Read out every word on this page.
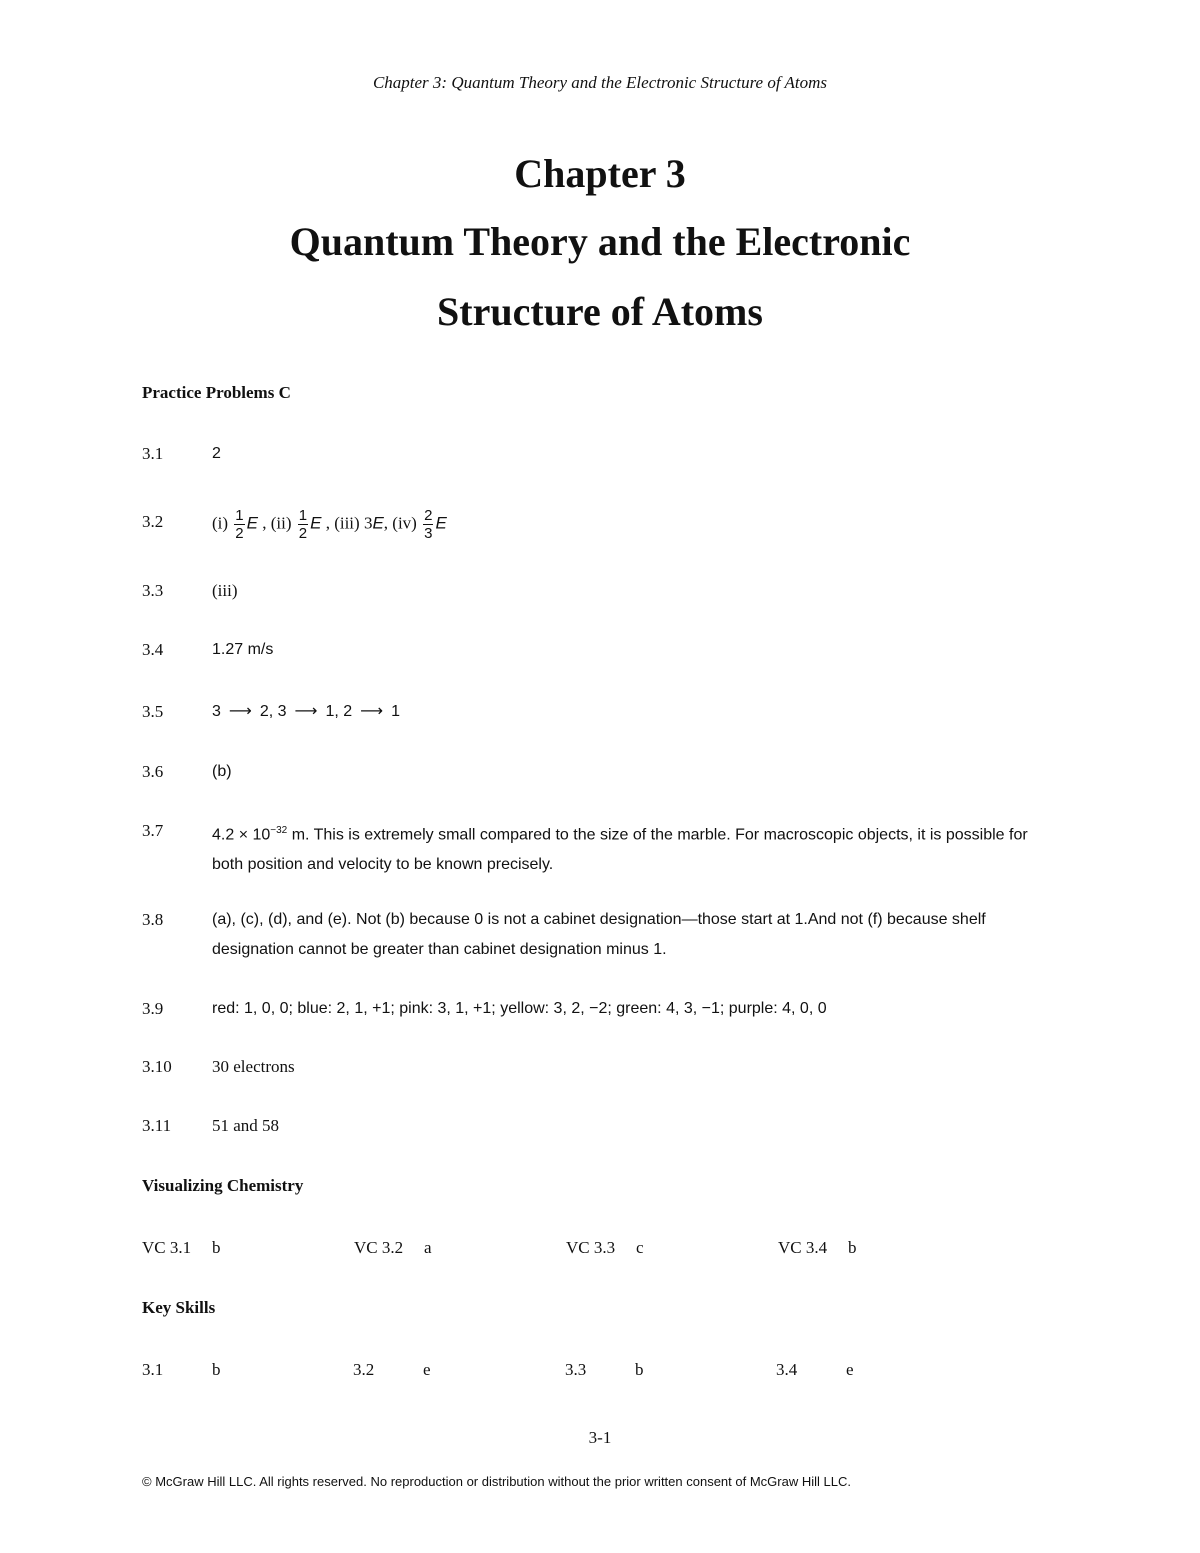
Chapter 3: Quantum Theory and the Electronic Structure of Atoms
Chapter 3
Quantum Theory and the Electronic
Structure of Atoms
Practice Problems C
3.1	2
3.2	$(i) \frac{1}{2}$ E , $(ii) \frac{1}{2}$ E , (iii) 3E, $(iv) \frac{2}{3}$ E
3.3	(iii)
3.4	1.27 m/s
3.5	3 ⟶ 2, 3 ⟶ 1, 2 ⟶ 1
3.6	(b)
3.7	$4.2 \times 10^{-32}$ m. This is extremely small compared to the size of the marble. For macroscopic objects, it is possible for both position and velocity to be known precisely.
3.8	(a), (c), (d), and (e). Not (b) because 0 is not a cabinet designation—those start at 1.And not (f) because shelf designation cannot be greater than cabinet designation minus 1.
3.9	red: 1, 0, 0; blue: 2, 1, +1; pink: 3, 1, +1; yellow: 3, 2, −2; green: 4, 3, −1; purple: 4, 0, 0
3.10	30 electrons
3.11	51 and 58
Visualizing Chemistry
VC 3.1 b	VC 3.2 a	VC 3.3 c	VC 3.4 b
Key Skills
3.1	b	3.2	e	3.3	b	3.4	e
3-1
© McGraw Hill LLC. All rights reserved. No reproduction or distribution without the prior written consent of McGraw Hill LLC.
